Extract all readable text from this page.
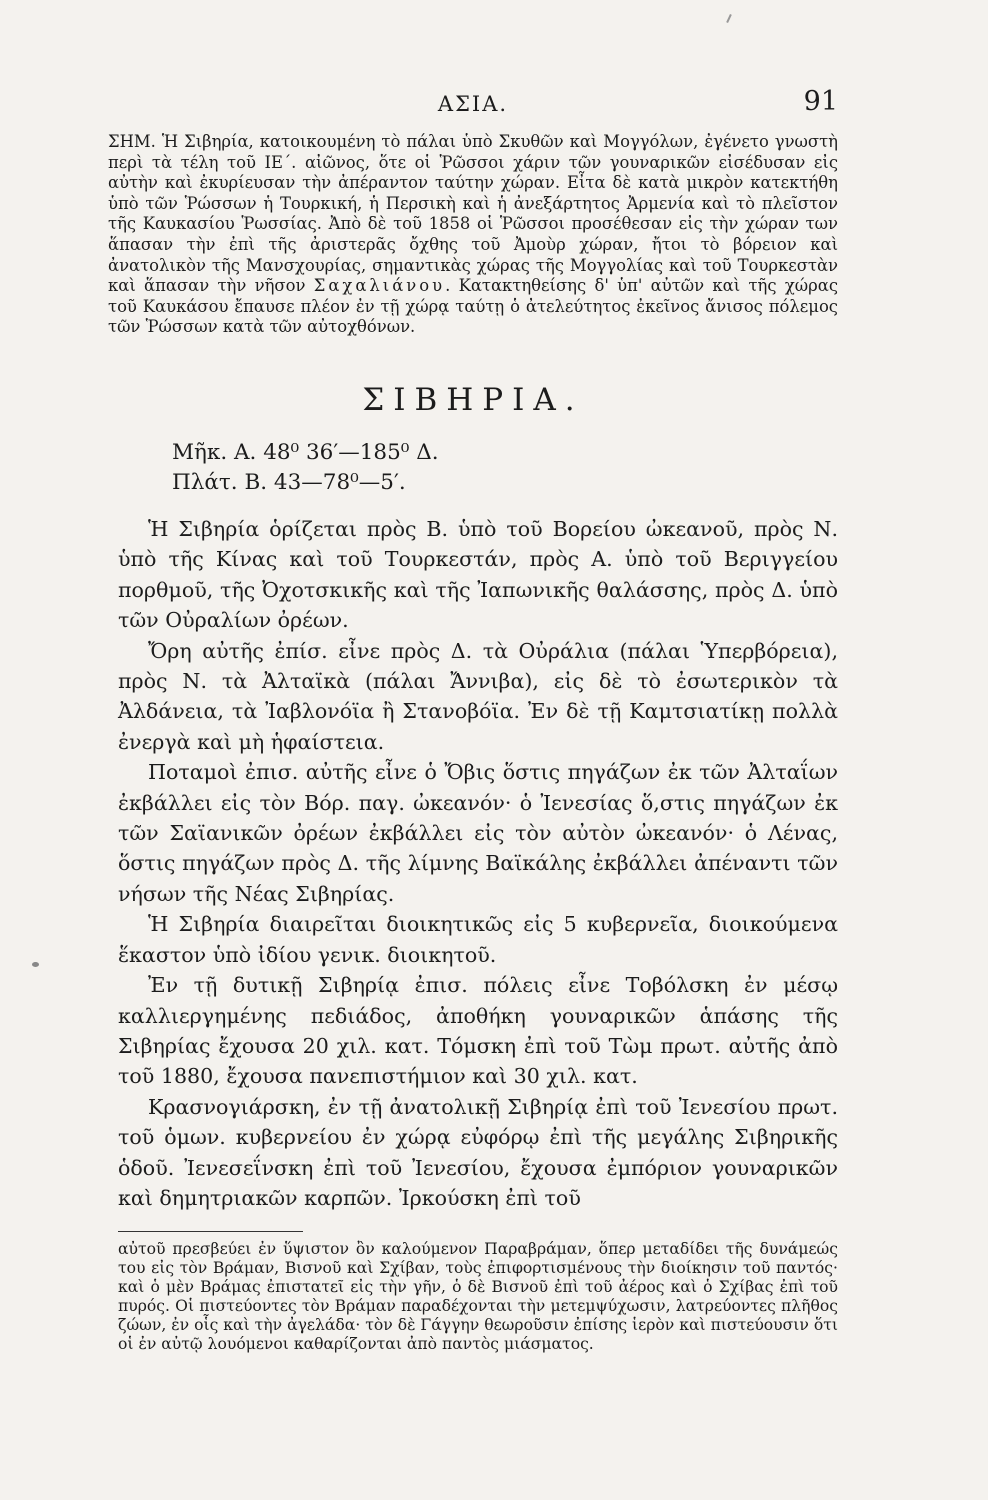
ΑΣΙΑ.	91

ΣΗΜ. Ἡ Σιβηρία, κατοικουμένη τὸ πάλαι ὑπὸ Σκυθῶν καὶ Μογγόλων, ἐγένετο γνωστὴ περὶ τὰ τέλη τοῦ ΙΕ΄. αἰῶνος, ὅτε οἱ Ῥῶσσοι χάριν τῶν γουναρικῶν εἰσέδυσαν εἰς αὐτὴν καὶ ἐκυρίευσαν τὴν ἀπέραντον ταύτην χώραν. Εἶτα δὲ κατὰ μικρὸν κατεκτήθη ὑπὸ τῶν Ῥώσσων ἡ Τουρκική, ἡ Περσικὴ καὶ ἡ ἀνεξάρτητος Ἀρμενία καὶ τὸ πλεῖστον τῆς Καυκασίου Ῥωσσίας. Ἀπὸ δὲ τοῦ 1858 οἱ Ῥῶσσοι προσέθεσαν εἰς τὴν χώραν των ἅπασαν τὴν ἐπὶ τῆς ἀριστερᾶς ὄχθης τοῦ Ἀμοὺρ χώραν, ἤτοι τὸ βόρειον καὶ ἀνατολικὸν τῆς Μανσχουρίας, σημαντικὰς χώρας τῆς Μογγολίας καὶ τοῦ Τουρκεστὰν καὶ ἅπασαν τὴν νῆσον Σαχαλιάνου. Κατακτηθείσης δ' ὑπ' αὐτῶν καὶ τῆς χώρας τοῦ Καυκάσου ἔπαυσε πλέον ἐν τῇ χώρᾳ ταύτῃ ὁ ἀτελεύτητος ἐκεῖνος ἄνισος πόλεμος τῶν Ῥώσσων κατὰ τῶν αὐτοχθόνων.

ΣΙΒΗΡΙΑ.
Μῆκ. Α. 48⁰ 36′—185⁰ Δ.
Πλάτ. Β. 43—78⁰—5′.

Ἡ Σιβηρία ὁρίζεται πρὸς Β. ὑπὸ τοῦ Βορείου ὠκεανοῦ, πρὸς Ν. ὑπὸ τῆς Κίνας καὶ τοῦ Τουρκεστάν, πρὸς Α. ὑπὸ τοῦ Βεριγγείου πορθμοῦ, τῆς Ὀχοτσκικῆς καὶ τῆς Ἰαπωνικῆς θαλάσσης, πρὸς Δ. ὑπὸ τῶν Οὐραλίων ὀρέων.

Ὄρη αὐτῆς ἐπίσ. εἶνε πρὸς Δ. τὰ Οὐράλια (πάλαι Ὑπερβόρεια), πρὸς Ν. τὰ Ἀλταϊκὰ (πάλαι Ἄννιβα), εἰς δὲ τὸ ἐσωτερικὸν τὰ Ἀλδάνεια, τὰ Ἰαβλονόϊα ἢ Στανοβόϊα. Ἐν δὲ τῇ Καμτσιατίκῃ πολλὰ ἐνεργὰ καὶ μὴ ἡφαίστεια.

Ποταμοὶ ἐπισ. αὐτῆς εἶνε ὁ Ὄβις ὅστις πηγάζων ἐκ τῶν Ἀλταΐων ἐκβάλλει εἰς τὸν Βόρ. παγ. ὠκεανόν· ὁ Ἰενεσίας ὅ,στις πηγάζων ἐκ τῶν Σαϊανικῶν ὀρέων ἐκβάλλει εἰς τὸν αὐτὸν ὠκεανόν· ὁ Λένας, ὅστις πηγάζων πρὸς Δ. τῆς λίμνης Βαϊκάλης ἐκβάλλει ἀπέναντι τῶν νήσων τῆς Νέας Σιβηρίας.

Ἡ Σιβηρία διαιρεῖται διοικητικῶς εἰς 5 κυβερνεῖα, διοικούμενα ἕκαστον ὑπὸ ἰδίου γενικ. διοικητοῦ.

Ἐν τῇ δυτικῇ Σιβηρίᾳ ἐπισ. πόλεις εἶνε Τοβόλσκη ἐν μέσῳ καλλιεργημένης πεδιάδος, ἀποθήκη γουναρικῶν ἁπάσης τῆς Σιβηρίας ἔχουσα 20 χιλ. κατ. Τόμσκη ἐπὶ τοῦ Τὼμ πρωτ. αὐτῆς ἀπὸ τοῦ 1880, ἔχουσα πανεπιστήμιον καὶ 30 χιλ. κατ.

Κρασνογιάρσκη, ἐν τῇ ἀνατολικῇ Σιβηρίᾳ ἐπὶ τοῦ Ἰενεσίου πρωτ. τοῦ ὁμων. κυβερνείου ἐν χώρᾳ εὐφόρῳ ἐπὶ τῆς μεγάλης Σιβηρικῆς ὁδοῦ. Ἰενεσεΐνσκη ἐπὶ τοῦ Ἰενεσίου, ἔχουσα ἐμπόριον γουναρικῶν καὶ δημητριακῶν καρπῶν. Ἰρκούσκη ἐπὶ τοῦ

αὐτοῦ πρεσβεύει ἐν ὕψιστον ὂν καλούμενον Παραβράμαν, ὅπερ μεταδίδει τῆς δυνάμεώς του εἰς τὸν Βράμαν, Βισνοῦ καὶ Σχίβαν, τοὺς ἐπιφορτισμένους τὴν διοίκησιν τοῦ παντός· καὶ ὁ μὲν Βράμας ἐπιστατεῖ εἰς τὴν γῆν, ὁ δὲ Βισνοῦ ἐπὶ τοῦ ἀέρος καὶ ὁ Σχίβας ἐπὶ τοῦ πυρός. Οἱ πιστεύοντες τὸν Βράμαν παραδέχονται τὴν μετεμψύχωσιν, λατρεύοντες πλῆθος ζώων, ἐν οἷς καὶ τὴν ἀγελάδα· τὸν δὲ Γάγγην θεωροῦσιν ἐπίσης ἱερὸν καὶ πιστεύουσιν ὅτι οἱ ἐν αὐτῷ λουόμενοι καθαρίζονται ἀπὸ παντὸς μιάσματος.
